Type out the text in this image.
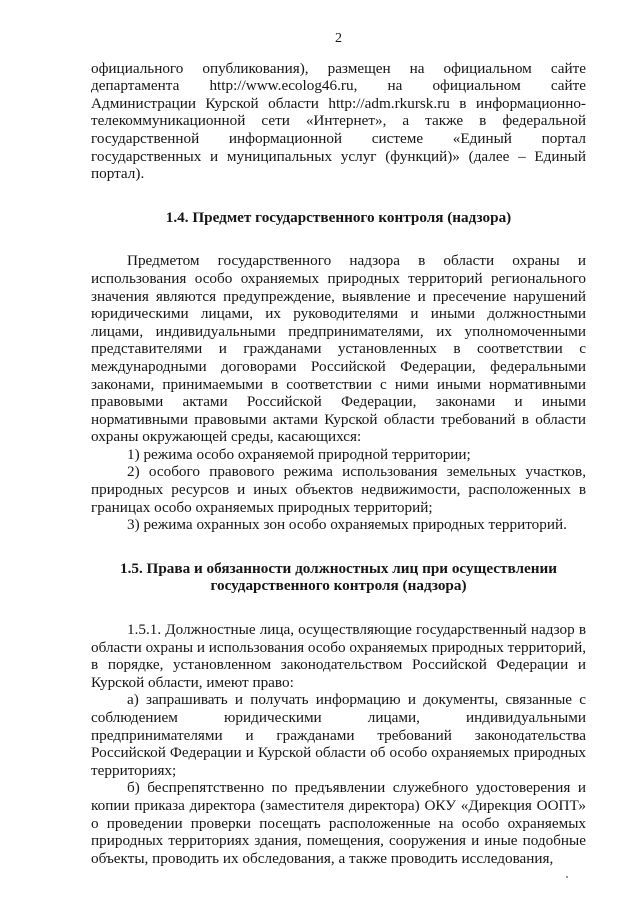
2

официального опубликования), размещен на официальном сайте департамента http://www.ecolog46.ru, на официальном сайте Администрации Курской области http://adm.rkursk.ru в информационно-телекоммуникационной сети «Интернет», а также в федеральной государственной информационной системе «Единый портал государственных и муниципальных услуг (функций)» (далее – Единый портал).

1.4. Предмет государственного контроля (надзора)

Предметом государственного надзора в области охраны и использования особо охраняемых природных территорий регионального значения являются предупреждение, выявление и пресечение нарушений юридическими лицами, их руководителями и иными должностными лицами, индивидуальными предпринимателями, их уполномоченными представителями и гражданами установленных в соответствии с международными договорами Российской Федерации, федеральными законами, принимаемыми в соответствии с ними иными нормативными правовыми актами Российской Федерации, законами и иными нормативными правовыми актами Курской области требований в области охраны окружающей среды, касающихся:

1) режима особо охраняемой природной территории;

2) особого правового режима использования земельных участков, природных ресурсов и иных объектов недвижимости, расположенных в границах особо охраняемых природных территорий;

3) режима охранных зон особо охраняемых природных территорий.

1.5. Права и обязанности должностных лиц при осуществлении
государственного контроля (надзора)

1.5.1. Должностные лица, осуществляющие государственный надзор в области охраны и использования особо охраняемых природных территорий, в порядке, установленном законодательством Российской Федерации и Курской области, имеют право:

а) запрашивать и получать информацию и документы, связанные с соблюдением юридическими лицами, индивидуальными предпринимателями и гражданами требований законодательства Российской Федерации и Курской области об особо охраняемых природных территориях;

б) беспрепятственно по предъявлении служебного удостоверения и копии приказа директора (заместителя директора) ОКУ «Дирекция ООПТ» о проведении проверки посещать расположенные на особо охраняемых природных территориях здания, помещения, сооружения и иные подобные объекты, проводить их обследования, а также проводить исследования,
